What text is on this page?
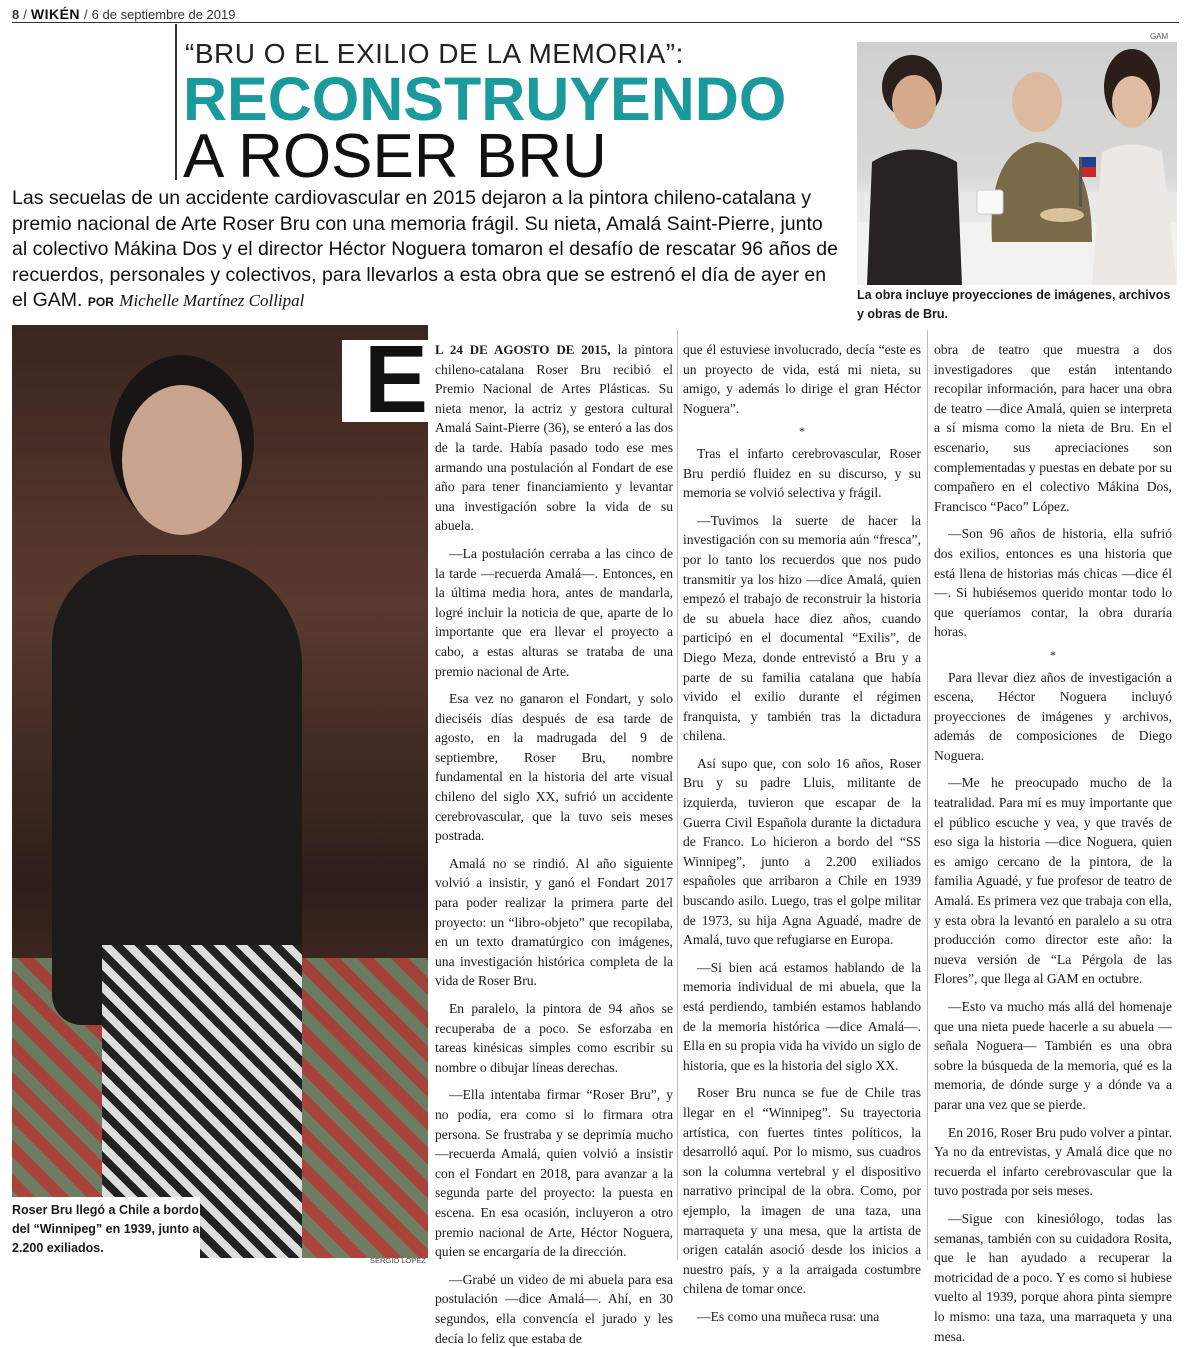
8 / WIKÉN / 6 de septiembre de 2019
“BRU O EL EXILIO DE LA MEMORIA”:
RECONSTRUYENDO
A ROSER BRU
Las secuelas de un accidente cardiovascular en 2015 dejaron a la pintora chileno-catalana y premio nacional de Arte Roser Bru con una memoria frágil. Su nieta, Amalá Saint-Pierre, junto al colectivo Mákina Dos y el director Héctor Noguera tomaron el desafío de rescatar 96 años de recuerdos, personales y colectivos, para llevarlos a esta obra que se estrenó el día de ayer en el GAM. POR Michelle Martínez Collipal
GAM
La obra incluye proyecciones de imágenes, archivos y obras de Bru.
E
Roser Bru llegó a Chile a bordo del “Winnipeg” en 1939, junto a 2.200 exiliados.
SERGIO LÓPEZ

L 24 DE AGOSTO DE 2015, la pintora chileno-catalana Roser Bru recibió el Premio Nacional de Artes Plásticas. Su nieta menor, la actriz y gestora cultural Amalá Saint-Pierre (36), se enteró a las dos de la tarde. Había pasado todo ese mes armando una postulación al Fondart de ese año para tener financiamiento y levantar una investigación sobre la vida de su abuela.

—La postulación cerraba a las cinco de la tarde —recuerda Amalá—. Entonces, en la última media hora, antes de mandarla, logré incluir la noticia de que, aparte de lo importante que era llevar el proyecto a cabo, a estas alturas se trataba de una premio nacional de Arte.

Esa vez no ganaron el Fondart, y solo dieciséis días después de esa tarde de agosto, en la madrugada del 9 de septiembre, Roser Bru, nombre fundamental en la historia del arte visual chileno del siglo XX, sufrió un accidente cerebrovascular, que la tuvo seis meses postrada.

Amalá no se rindió. Al año siguiente volvió a insistir, y ganó el Fondart 2017 para poder realizar la primera parte del proyecto: un “libro-objeto” que recopilaba, en un texto dramatúrgico con imágenes, una investigación histórica completa de la vida de Roser Bru.

En paralelo, la pintora de 94 años se recuperaba de a poco. Se esforzaba en tareas kinésicas simples como escribir su nombre o dibujar líneas derechas.

—Ella intentaba firmar “Roser Bru”, y no podía, era como si lo firmara otra persona. Se frustraba y se deprimía mucho —recuerda Amalá, quien volvió a insistir con el Fondart en 2018, para avanzar a la segunda parte del proyecto: la puesta en escena. En esa ocasión, incluyeron a otro premio nacional de Arte, Héctor Noguera, quien se encargaría de la dirección.

—Grabé un video de mi abuela para esa postulación —dice Amalá—. Ahí, en 30 segundos, ella convencía el jurado y les decía lo feliz que estaba de

que él estuviese involucrado, decía “este es un proyecto de vida, está mi nieta, su amigo, y además lo dirige el gran Héctor Noguera”.

*

Tras el infarto cerebrovascular, Roser Bru perdió fluidez en su discurso, y su memoria se volvió selectiva y frágil.

—Tuvimos la suerte de hacer la investigación con su memoria aún “fresca”, por lo tanto los recuerdos que nos pudo transmitir ya los hizo —dice Amalá, quien empezó el trabajo de reconstruir la historia de su abuela hace diez años, cuando participó en el documental “Exilis”, de Diego Meza, donde entrevistó a Bru y a parte de su familia catalana que había vivido el exilio durante el régimen franquista, y también tras la dictadura chilena.

Así supo que, con solo 16 años, Roser Bru y su padre Lluis, militante de izquierda, tuvieron que escapar de la Guerra Civil Española durante la dictadura de Franco. Lo hicieron a bordo del “SS Winnipeg”, junto a 2.200 exiliados españoles que arribaron a Chile en 1939 buscando asilo. Luego, tras el golpe militar de 1973, su hija Agna Aguadé, madre de Amalá, tuvo que refugiarse en Europa.

—Si bien acá estamos hablando de la memoria individual de mi abuela, que la está perdiendo, también estamos hablando de la memoria histórica —dice Amalá—. Ella en su propia vida ha vivido un siglo de historia, que es la historia del siglo XX.

Roser Bru nunca se fue de Chile tras llegar en el “Winnipeg”. Su trayectoria artística, con fuertes tintes políticos, la desarrolló aquí. Por lo mismo, sus cuadros son la columna vertebral y el dispositivo narrativo principal de la obra. Como, por ejemplo, la imagen de una taza, una marraqueta y una mesa, que la artista de origen catalán asoció desde los inicios a nuestro país, y a la arraigada costumbre chilena de tomar once.

—Es como una muñeca rusa: una

obra de teatro que muestra a dos investigadores que están intentando recopilar información, para hacer una obra de teatro —dice Amalá, quien se interpreta a sí misma como la nieta de Bru. En el escenario, sus apreciaciones son complementadas y puestas en debate por su compañero en el colectivo Mákina Dos, Francisco “Paco” López.

—Son 96 años de historia, ella sufrió dos exilios, entonces es una historia que está llena de historias más chicas —dice él—. Si hubiésemos querido montar todo lo que queríamos contar, la obra duraría horas.

*

Para llevar diez años de investigación a escena, Héctor Noguera incluyó proyecciones de imágenes y archivos, además de composiciones de Diego Noguera.

—Me he preocupado mucho de la teatralidad. Para mí es muy importante que el público escuche y vea, y que través de eso siga la historia —dice Noguera, quien es amigo cercano de la pintora, de la familia Aguadé, y fue profesor de teatro de Amalá. Es primera vez que trabaja con ella, y esta obra la levantó en paralelo a su otra producción como director este año: la nueva versión de “La Pérgola de las Flores”, que llega al GAM en octubre.

—Esto va mucho más allá del homenaje que una nieta puede hacerle a su abuela —señala Noguera— También es una obra sobre la búsqueda de la memoria, qué es la memoria, de dónde surge y a dónde va a parar una vez que se pierde.

En 2016, Roser Bru pudo volver a pintar. Ya no da entrevistas, y Amalá dice que no recuerda el infarto cerebrovascular que la tuvo postrada por seis meses.

—Sigue con kinesiólogo, todas las semanas, también con su cuidadora Rosita, que le han ayudado a recuperar la motricidad de a poco. Y es como si hubiese vuelto al 1939, porque ahora pinta siempre lo mismo: una taza, una marraqueta y una mesa.
